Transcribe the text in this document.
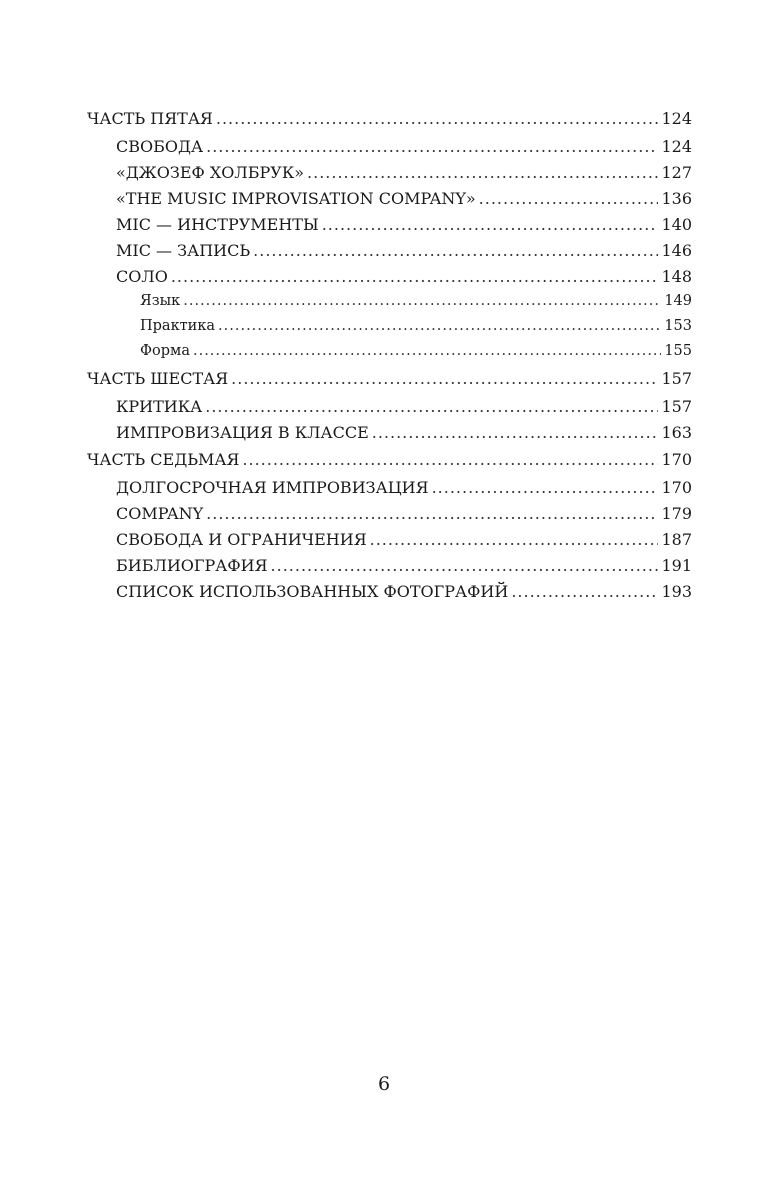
ЧАСТЬ ПЯТАЯ .....	124
СВОБОДА .....	124
«ДЖОЗЕФ ХОЛБРУК» .....	127
«THE MUSIC IMPROVISATION COMPANY» .....	136
MIC — ИНСТРУМЕНТЫ .....	140
MIC — ЗАПИСЬ .....	146
СОЛО .....	148
Язык .....	149
Практика .....	153
Форма .....	155
ЧАСТЬ ШЕСТАЯ .....	157
КРИТИКА .....	157
ИМПРОВИЗАЦИЯ В КЛАССЕ .....	163
ЧАСТЬ СЕДЬМАЯ .....	170
ДОЛГОСРОЧНАЯ ИМПРОВИЗАЦИЯ .....	170
COMPANY .....	179
СВОБОДА И ОГРАНИЧЕНИЯ .....	187
БИБЛИОГРАФИЯ .....	191
СПИСОК ИСПОЛЬЗОВАННЫХ ФОТОГРАФИЙ .....	193
6
